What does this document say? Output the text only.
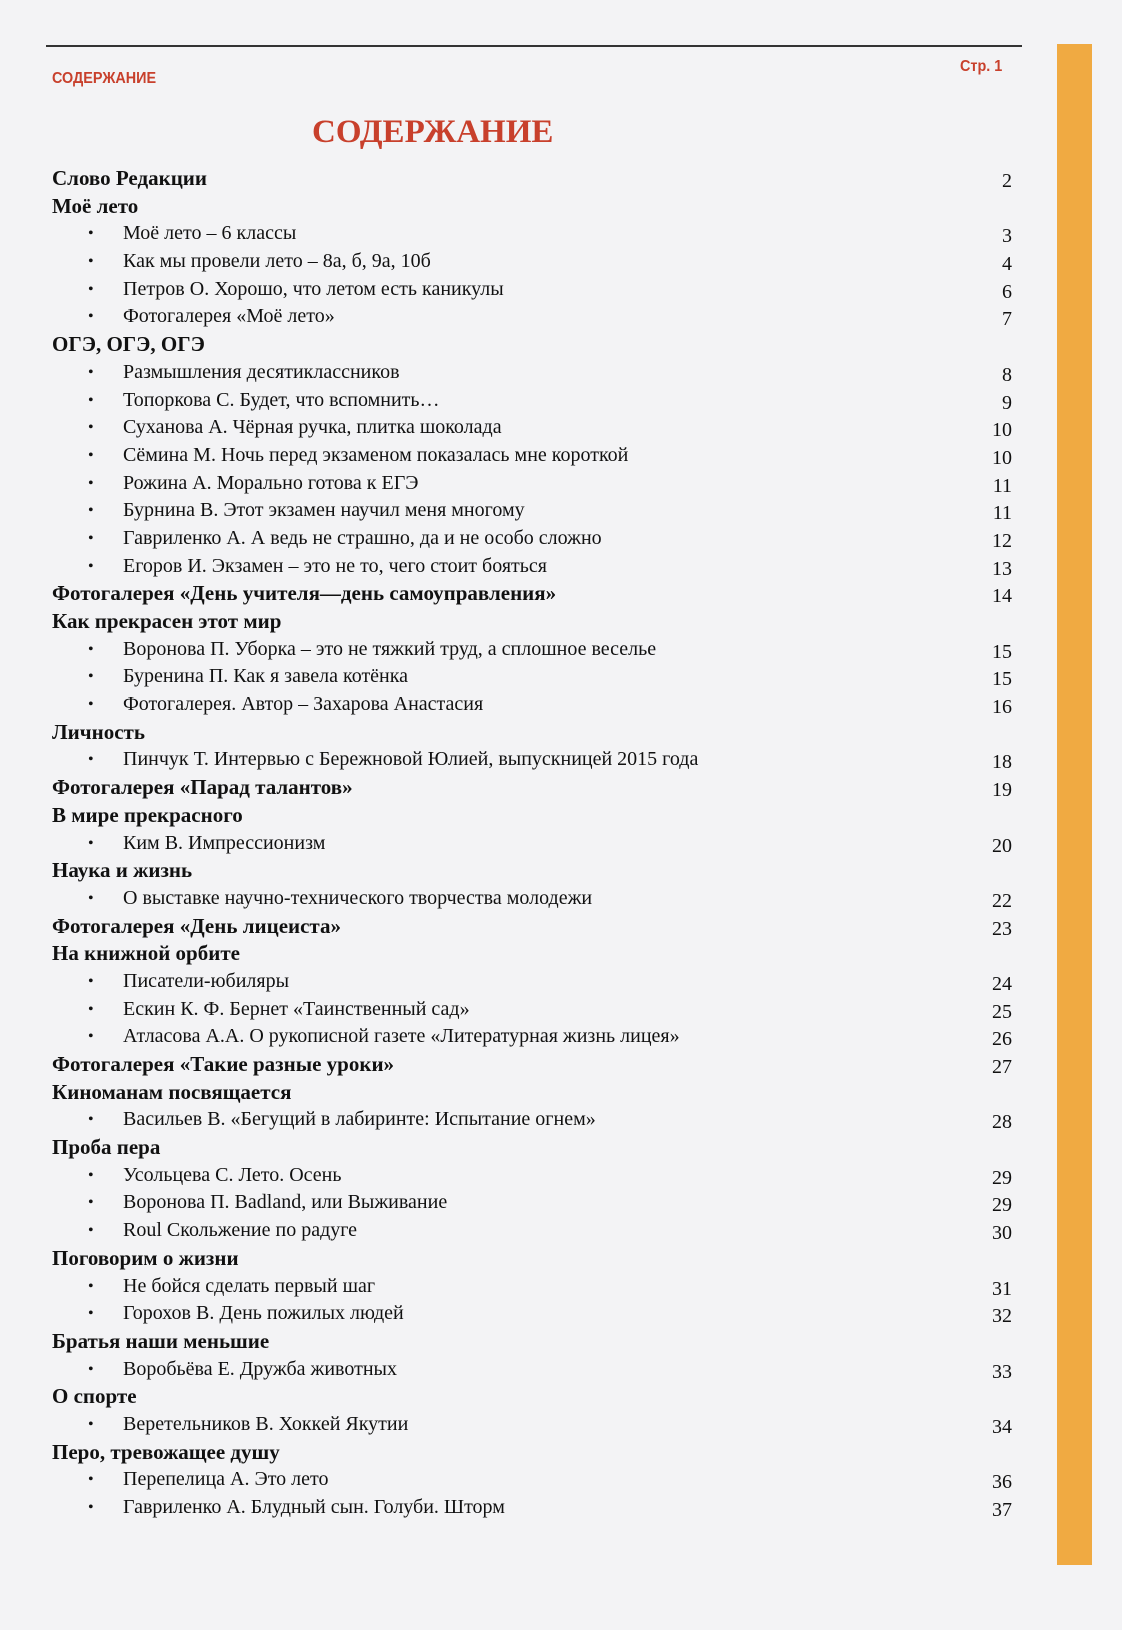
СОДЕРЖАНИЕ
Стр. 1
СОДЕРЖАНИЕ
Слово Редакции	2
Моё лето
• Моё лето – 6 классы	3
• Как мы провели лето – 8а, б, 9а, 10б	4
• Петров О. Хорошо, что летом есть каникулы	6
• Фотогалерея «Моё лето»	7
ОГЭ, ОГЭ, ОГЭ
• Размышления десятиклассников	8
• Топоркова С. Будет, что вспомнить…	9
• Суханова А. Чёрная ручка, плитка шоколада	10
• Сёмина М. Ночь перед экзаменом показалась мне короткой	10
• Рожина А. Морально готова к ЕГЭ	11
• Бурнина В. Этот экзамен научил меня многому	11
• Гавриленко А. А ведь не страшно, да и не особо сложно	12
• Егоров И. Экзамен – это не то, чего стоит бояться	13
Фотогалерея «День учителя—день самоуправления»	14
Как прекрасен этот мир
• Воронова П. Уборка – это не тяжкий труд, а сплошное веселье	15
• Буренина П. Как я завела котёнка	15
• Фотогалерея. Автор – Захарова Анастасия	16
Личность
• Пинчук Т. Интервью с Бережновой Юлией, выпускницей 2015 года	18
Фотогалерея «Парад талантов»	19
В мире прекрасного
• Ким В. Импрессионизм	20
Наука и жизнь
• О выставке научно-технического творчества молодежи	22
Фотогалерея «День лицеиста»	23
На книжной орбите
• Писатели-юбиляры	24
• Ескин К. Ф. Бернет «Таинственный сад»	25
• Атласова А.А. О рукописной газете «Литературная жизнь лицея»	26
Фотогалерея «Такие разные уроки»	27
Киноманам посвящается
• Васильев В. «Бегущий в лабиринте: Испытание огнем»	28
Проба пера
• Усольцева С. Лето. Осень	29
• Воронова П. Badland, или Выживание	29
• Roul Скольжение по радуге	30
Поговорим о жизни
• Не бойся сделать первый шаг	31
• Горохов В. День пожилых людей	32
Братья наши меньшие
• Воробьёва Е. Дружба животных	33
О спорте
• Веретельников В. Хоккей Якутии	34
Перо, тревожащее душу
• Перепелица А. Это лето	36
• Гавриленко А. Блудный сын. Голуби. Шторм	37
